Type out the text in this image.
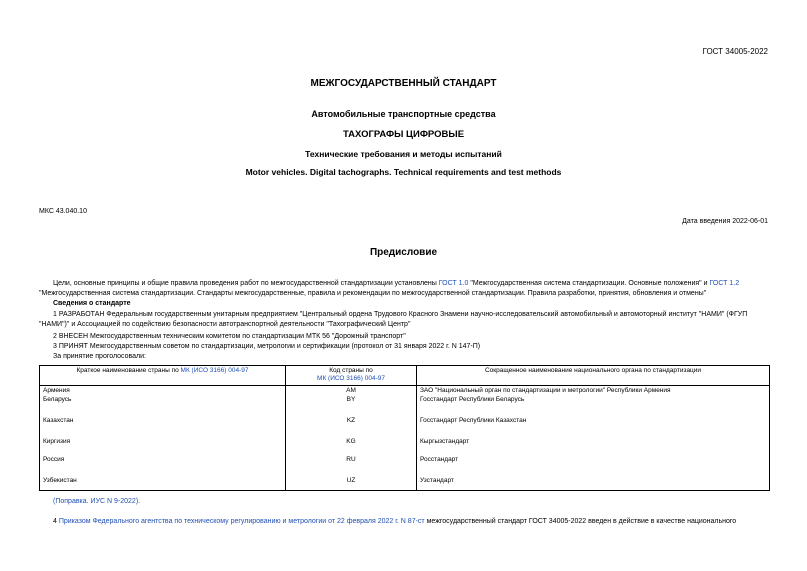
ГОСТ 34005-2022
МЕЖГОСУДАРСТВЕННЫЙ СТАНДАРТ
Автомобильные транспортные средства
ТАХОГРАФЫ ЦИФРОВЫЕ
Технические требования и методы испытаний
Motor vehicles. Digital tachographs. Technical requirements and test methods
МКС 43.040.10
Дата введения 2022-06-01
Предисловие
Цели, основные принципы и общие правила проведения работ по межгосударственной стандартизации установлены ГОСТ 1.0 "Межгосударственная система стандартизации. Основные положения" и ГОСТ 1.2 "Межгосударственная система стандартизации. Стандарты межгосударственные, правила и рекомендации по межгосударственной стандартизации. Правила разработки, принятия, обновления и отмены"
Сведения о стандарте
1 РАЗРАБОТАН Федеральным государственным унитарным предприятием "Центральный ордена Трудового Красного Знамени научно-исследовательский автомобильный и автомоторный институт "НАМИ" (ФГУП "НАМИ")" и Ассоциацией по содействию безопасности автотранспортной деятельности "Тахографический Центр"
2 ВНЕСЕН Межгосударственным техническим комитетом по стандартизации МТК 56 "Дорожный транспорт"
3 ПРИНЯТ Межгосударственным советом по стандартизации, метрологии и сертификации (протокол от 31 января 2022 г. N 147-П)
За принятие проголосовали:
Краткое наименование страны по МК (ИСО 3166) 004-97	Код страны по
МК (ИСО 3166) 004-97	Сокращенное наименование национального органа по стандартизации
Армения	AM	ЗАО "Национальный орган по стандартизации и метрологии" Республики Армения
Беларусь	BY	Госстандарт Республики Беларусь
Казахстан	KZ	Госстандарт Республики Казахстан
Киргизия	KG	Кыргызстандарт
Россия	RU	Росстандарт
Узбекистан	UZ	Узстандарт
(Поправка. ИУС N 9-2022).
4 Приказом Федерального агентства по техническому регулированию и метрологии от 22 февраля 2022 г. N 87-ст межгосударственный стандарт ГОСТ 34005-2022 введен в действие в качестве национального
